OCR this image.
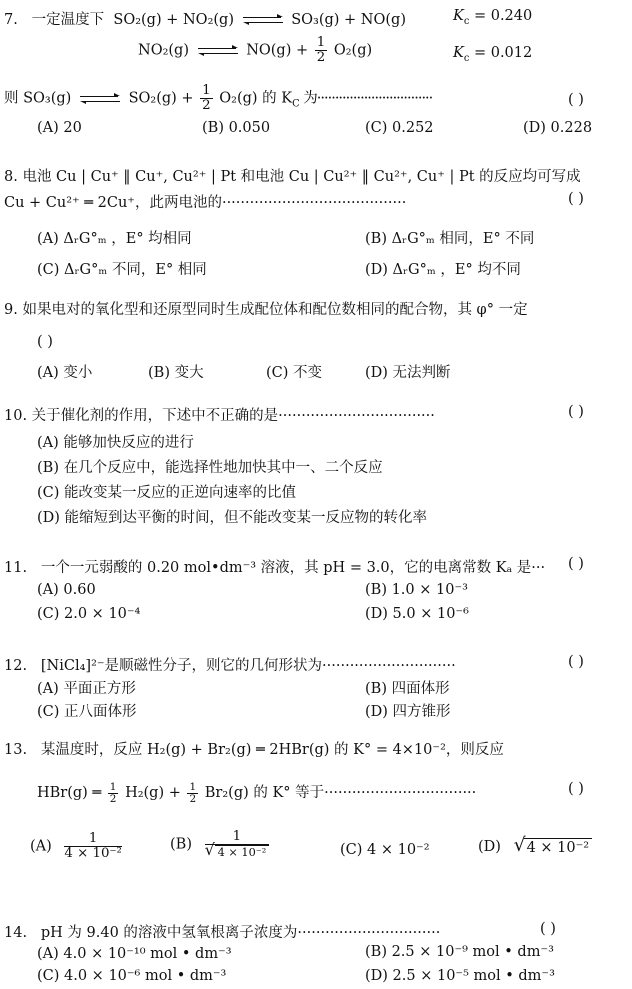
7. 一定温度下 SO₂(g) + NO₂(g)	SO₃(g) + NO(g)	$K_c = 0.240$
NO₂(g)	$NO(g) + \frac{1}{2} O_2(g)$	$K_c = 0.012$
则 SO₃(g)	$SO_2(g) + \frac{1}{2} O_2(g)$ 的 $K_C$ 为································	( )
(A) 20	(B) 0.050	(C) 0.252	(D) 0.228
8. 电池 Cu | Cu⁺ ‖ Cu⁺, Cu²⁺ | Pt 和电池 Cu | Cu²⁺ ‖ Cu²⁺, Cu⁺ | Pt 的反应均可写成
Cu + Cu²⁺ ═ 2Cu⁺，此两电池的········································	( )
(A) ΔᵣG°ₘ ，E° 均相同	(B) ΔᵣG°ₘ 相同，E° 不同
(C) ΔᵣG°ₘ 不同，E° 相同	(D) ΔᵣG°ₘ ，E° 均不同
9. 如果电对的氧化型和还原型同时生成配位体和配位数相同的配合物，其 φ° 一定
( )
(A) 变小	(B) 变大	(C) 不变	(D) 无法判断
10. 关于催化剂的作用，下述中不正确的是··································	( )
(A) 能够加快反应的进行
(B) 在几个反应中，能选择性地加快其中一、二个反应
(C) 能改变某一反应的正逆向速率的比值
(D) 能缩短到达平衡的时间，但不能改变某一反应物的转化率
11. 一个一元弱酸的 0.20 mol•dm⁻³ 溶液，其 pH = 3.0，它的电离常数 Kₐ 是··· ( )
(A) 0.60	(B) 1.0 × 10⁻³
(C) 2.0 × 10⁻⁴	(D) 5.0 × 10⁻⁶
12. [NiCl₄]²⁻是顺磁性分子，则它的几何形状为·····························	( )
(A) 平面正方形	(B) 四面体形
(C) 正八面体形	(D) 四方锥形
13. 某温度时，反应 H₂(g) + Br₂(g) ═ 2HBr(g) 的 K° = 4×10⁻²，则反应
HBr(g) ═ $\frac{1}{2} H_2(g) + \frac{1}{2} Br_2(g)$ 的 K° 等于·································	( )
$(A) \frac{1}{\text{4 × 10⁻²}}$	$(B) \frac{1}{\text{√ 4 × 10⁻²}}$	(C) 4 × 10⁻²	(D) √ 4 × 10⁻²
14. pH 为 9.40 的溶液中氢氧根离子浓度为·······························	( )
(A) 4.0 × 10⁻¹⁰ mol • dm⁻³	(B) 2.5 × 10⁻⁹ mol • dm⁻³
(C) 4.0 × 10⁻⁶ mol • dm⁻³	(D) 2.5 × 10⁻⁵ mol • dm⁻³
